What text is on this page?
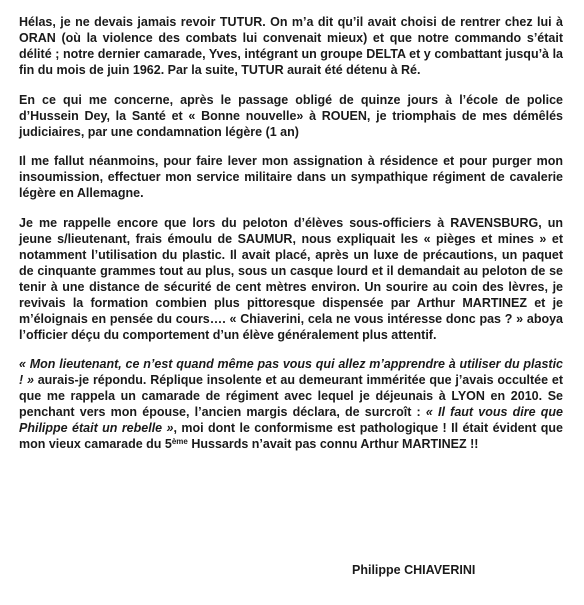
Hélas, je ne devais jamais revoir TUTUR. On m’a dit qu’il avait choisi de rentrer chez lui à ORAN (où la violence des combats lui convenait mieux) et que notre commando s’était délité ; notre dernier camarade, Yves, intégrant un groupe DELTA et y combattant jusqu’à la fin du mois de juin 1962. Par la suite, TUTUR aurait été détenu à Ré.

En ce qui me concerne, après le passage obligé de quinze jours à l’école de police d’Hussein Dey, la Santé et « Bonne nouvelle» à ROUEN, je triomphais de mes démêlés judiciaires, par une condamnation légère (1 an)

Il me fallut néanmoins, pour faire lever mon assignation à résidence et pour purger mon insoumission, effectuer mon service militaire dans un sympathique régiment de cavalerie légère en Allemagne.

Je me rappelle encore que lors du peloton d’élèves sous-officiers à RAVENSBURG, un jeune s/lieutenant, frais émoulu de SAUMUR, nous expliquait les « pièges et mines » et notamment l’utilisation du plastic. Il avait placé, après un luxe de précautions, un paquet de cinquante grammes tout au plus, sous un casque lourd et il demandait au peloton de se tenir à une distance de sécurité de cent mètres environ. Un sourire au coin des lèvres, je revivais la formation combien plus pittoresque dispensée par Arthur MARTINEZ et je m’éloignais en pensée du cours…. « Chiaverini, cela ne vous intéresse donc pas ? » aboya l’officier déçu du comportement d’un élève généralement plus attentif.

« Mon lieutenant, ce n’est quand même pas vous qui allez m’apprendre à utiliser du plastic ! » aurais-je répondu. Réplique insolente et au demeurant imméritée que j’avais occultée et que me rappela un camarade de régiment avec lequel je déjeunais à LYON en 2010. Se penchant vers mon épouse, l’ancien margis déclara, de surcroît : « Il faut vous dire que Philippe était un rebelle », moi dont le conformisme est pathologique ! Il était évident que mon vieux camarade du 5ème Hussards n’avait pas connu Arthur MARTINEZ !!

Philippe CHIAVERINI
